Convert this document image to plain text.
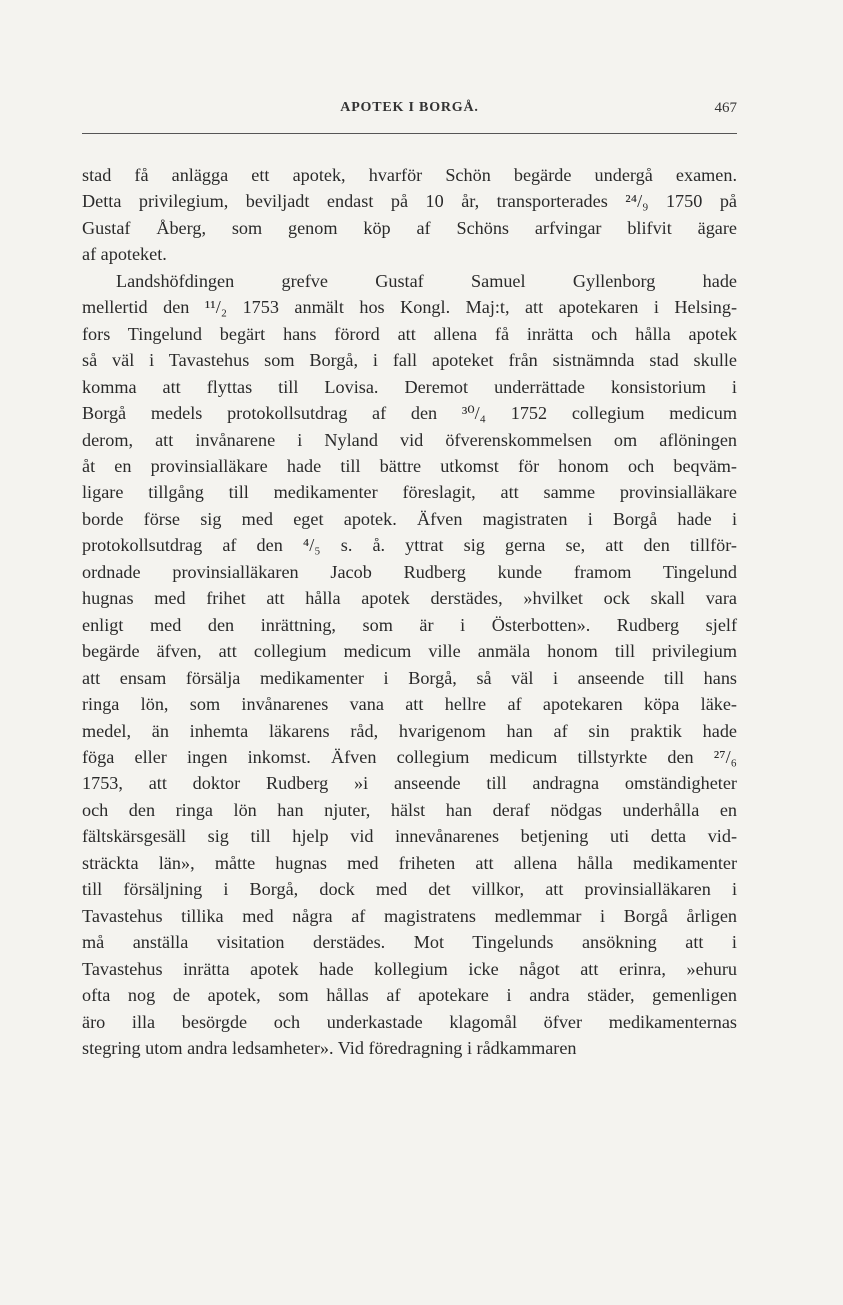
APOTEK I BORGÅ.	467
stad få anlägga ett apotek, hvarför Schön begärde undergå examen.
Detta privilegium, beviljadt endast på 10 år, transporterades ²⁴/₉ 1750 på
Gustaf Åberg, som genom köp af Schöns arfvingar blifvit ägare
af apoteket.
Landshöfdingen grefve Gustaf Samuel Gyllenborg hade
mellertid den ¹¹/₂ 1753 anmält hos Kongl. Maj:t, att apotekaren i Helsing-
fors Tingelund begärt hans förord att allena få inrätta och hålla apotek
så väl i Tavastehus som Borgå, i fall apoteket från sistnämnda stad skulle
komma att flyttas till Lovisa. Deremot underrättade konsistorium i
Borgå medels protokollsutdrag af den ³⁰/₄ 1752 collegium medicum
derom, att invånarene i Nyland vid öfverenskommelsen om aflöningen
åt en provinsialläkare hade till bättre utkomst för honom och beqväm-
ligare tillgång till medikamenter föreslagit, att samme provinsialläkare
borde förse sig med eget apotek. Äfven magistraten i Borgå hade i
protokollsutdrag af den ⁴/₅ s. å. yttrat sig gerna se, att den tillför-
ordnade provinsialläkaren Jacob Rudberg kunde framom Tingelund
hugnas med frihet att hålla apotek derstädes, »hvilket ock skall vara
enligt med den inrättning, som är i Österbotten». Rudberg sjelf
begärde äfven, att collegium medicum ville anmäla honom till privilegium
att ensam försälja medikamenter i Borgå, så väl i anseende till hans
ringa lön, som invånarenes vana att hellre af apotekaren köpa läke-
medel, än inhemta läkarens råd, hvarigenom han af sin praktik hade
föga eller ingen inkomst. Äfven collegium medicum tillstyrkte den ²⁷/₆
1753, att doktor Rudberg »i anseende till andragna omständigheter
och den ringa lön han njuter, hälst han deraf nödgas underhålla en
fältskärsgesäll sig till hjelp vid innevånarenes betjening uti detta vid-
sträckta län», måtte hugnas med friheten att allena hålla medikamenter
till försäljning i Borgå, dock med det villkor, att provinsialläkaren i
Tavastehus tillika med några af magistratens medlemmar i Borgå årligen
må anställa visitation derstädes. Mot Tingelunds ansökning att i
Tavastehus inrätta apotek hade kollegium icke något att erinra, »ehuru
ofta nog de apotek, som hållas af apotekare i andra städer, gemenligen
äro illa besörgde och underkastade klagomål öfver medikamenternas
stegring utom andra ledsamheter». Vid föredragning i rådkammaren
